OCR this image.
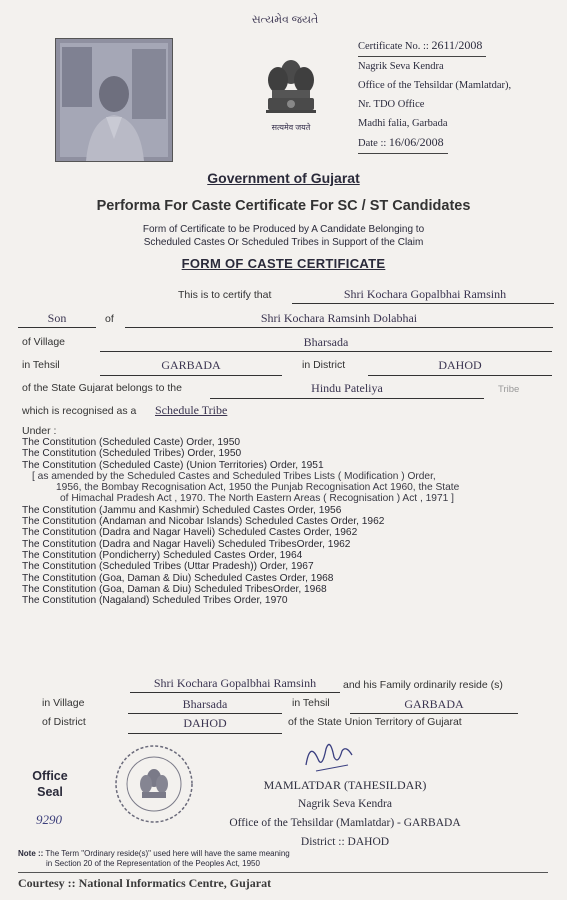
સત્યમેવ જયતે
सत्यमेव जयते
Certificate No. :: 2611/2008
Nagrik Seva Kendra
Office of the Tehsildar (Mamlatdar),
Nr. TDO Office
Madhi falia, Garbada
Date :: 16/06/2008
Government of Gujarat
Performa For Caste Certificate For SC / ST Candidates
Form of Certificate to be Produced by A Candidate Belonging to
Scheduled Castes Or Scheduled Tribes in Support of the Claim
FORM OF CASTE CERTIFICATE
This is to certify that	Shri Kochara Gopalbhai Ramsinh
Son	of	Shri Kochara Ramsinh Dolabhai
of Village	Bharsada
in Tehsil	GARBADA	in District	DAHOD
of the State Gujarat belongs to the	Hindu Pateliya	Tribe
which is recognised as a Schedule Tribe
Under :
The Constitution (Scheduled Caste) Order, 1950
The Constitution (Scheduled Tribes) Order, 1950
The Constitution (Scheduled Caste) (Union Territories) Order, 1951
[ as amended by the Scheduled Castes and Scheduled Tribes Lists ( Modification ) Order,
1956, the Bombay Recognisation Act, 1950 the Punjab Recognisation Act 1960, the State
of Himachal Pradesh Act , 1970. The North Eastern Areas ( Recognisation ) Act , 1971 ]
The Constitution (Jammu and Kashmir) Scheduled Castes Order, 1956
The Constitution (Andaman and Nicobar Islands) Scheduled Castes Order, 1962
The Constitution (Dadra and Nagar Haveli) Scheduled Castes Order, 1962
The Constitution (Dadra and Nagar Haveli) Scheduled TribesOrder, 1962
The Constitution (Pondicherry) Scheduled Castes Order, 1964
The Constitution (Scheduled Tribes (Uttar Pradesh)) Order, 1967
The Constitution (Goa, Daman & Diu) Scheduled Castes Order, 1968
The Constitution (Goa, Daman & Diu) Scheduled TribesOrder, 1968
The Constitution (Nagaland) Scheduled Tribes Order, 1970
Shri Kochara Gopalbhai Ramsinh	and his Family ordinarily reside (s)
in Village	Bharsada	in Tehsil	GARBADA
of District	DAHOD	of the State Union Territory of Gujarat
Office
Seal
9290
MAMLATDAR (TAHESILDAR)
Nagrik Seva Kendra
Office of the Tehsildar (Mamlatdar) - GARBADA
District :: DAHOD
Note :: The Term "Ordinary reside(s)" used here will have the same meaning
in Section 20 of the Representation of the Peoples Act, 1950
Courtesy :: National Informatics Centre, Gujarat
